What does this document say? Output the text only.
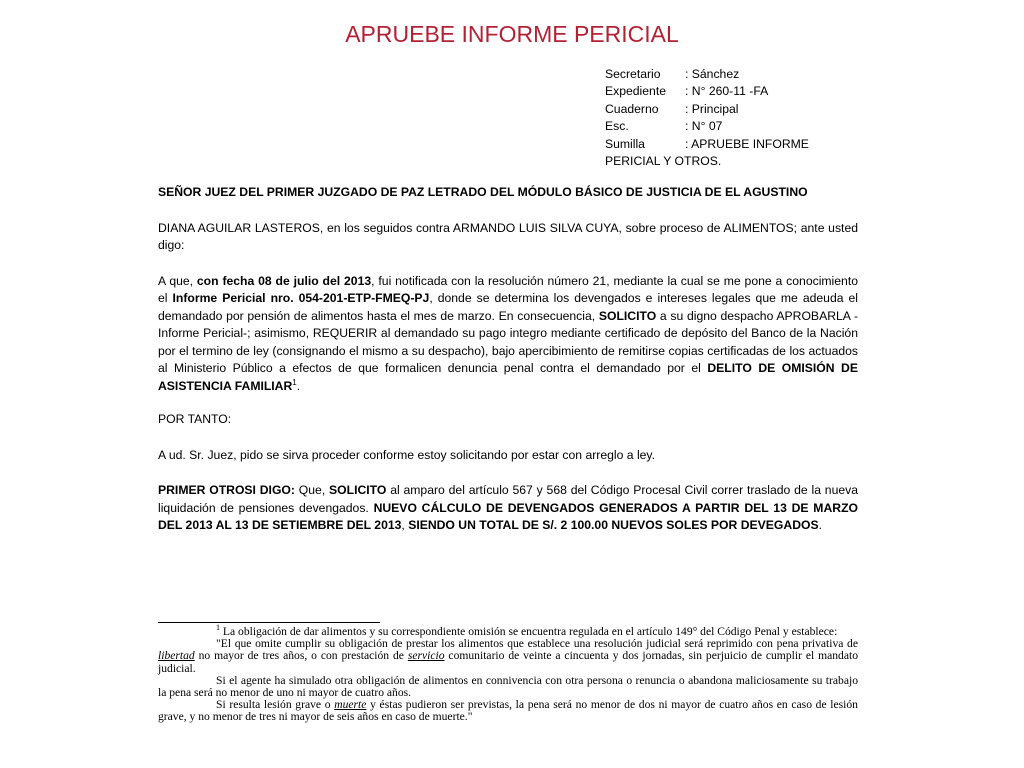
APRUEBE INFORME PERICIAL
Secretario : Sánchez
Expediente : N° 260-11 -FA
Cuaderno : Principal
Esc.	: N° 07
Sumilla	: APRUEBE INFORME
PERICIAL Y OTROS.

SEÑOR JUEZ DEL PRIMER JUZGADO DE PAZ LETRADO DEL MÓDULO BÁSICO DE JUSTICIA DE EL AGUSTINO

DIANA AGUILAR LASTEROS, en los seguidos contra ARMANDO LUIS SILVA CUYA, sobre proceso de ALIMENTOS; ante usted digo:

A que, con fecha 08 de julio del 2013, fui notificada con la resolución número 21, mediante la cual se me pone a conocimiento el Informe Pericial nro. 054-201-ETP-FMEQ-PJ, donde se determina los devengados e intereses legales que me adeuda el demandado por pensión de alimentos hasta el mes de marzo. En consecuencia, SOLICITO a su digno despacho APROBARLA -Informe Pericial-; asimismo, REQUERIR al demandado su pago integro mediante certificado de depósito del Banco de la Nación por el termino de ley (consignando el mismo a su despacho), bajo apercibimiento de remitirse copias certificadas de los actuados al Ministerio Público a efectos de que formalicen denuncia penal contra el demandado por el DELITO DE OMISIÓN DE ASISTENCIA FAMILIAR$^1$.

POR TANTO:

A ud. Sr. Juez, pido se sirva proceder conforme estoy solicitando por estar con arreglo a ley.

PRIMER OTROSI DIGO: Que, SOLICITO al amparo del artículo 567 y 568 del Código Procesal Civil correr traslado de la nueva liquidación de pensiones devengados. NUEVO CÁLCULO DE DEVENGADOS GENERADOS A PARTIR DEL 13 DE MARZO DEL 2013 AL 13 DE SETIEMBRE DEL 2013, SIENDO UN TOTAL DE S/. 2 100.00 NUEVOS SOLES POR DEVEGADOS.

$^1$ La obligación de dar alimentos y su correspondiente omisión se encuentra regulada en el artículo 149° del Código Penal y establece:

"El que omite cumplir su obligación de prestar los alimentos que establece una resolución judicial será reprimido con pena privativa de libertad no mayor de tres años, o con prestación de servicio comunitario de veinte a cincuenta y dos jornadas, sin perjuicio de cumplir el mandato judicial.

Si el agente ha simulado otra obligación de alimentos en connivencia con otra persona o renuncia o abandona maliciosamente su trabajo la pena será no menor de uno ni mayor de cuatro años.

Si resulta lesión grave o muerte y éstas pudieron ser previstas, la pena será no menor de dos ni mayor de cuatro años en caso de lesión grave, y no menor de tres ni mayor de seis años en caso de muerte."
